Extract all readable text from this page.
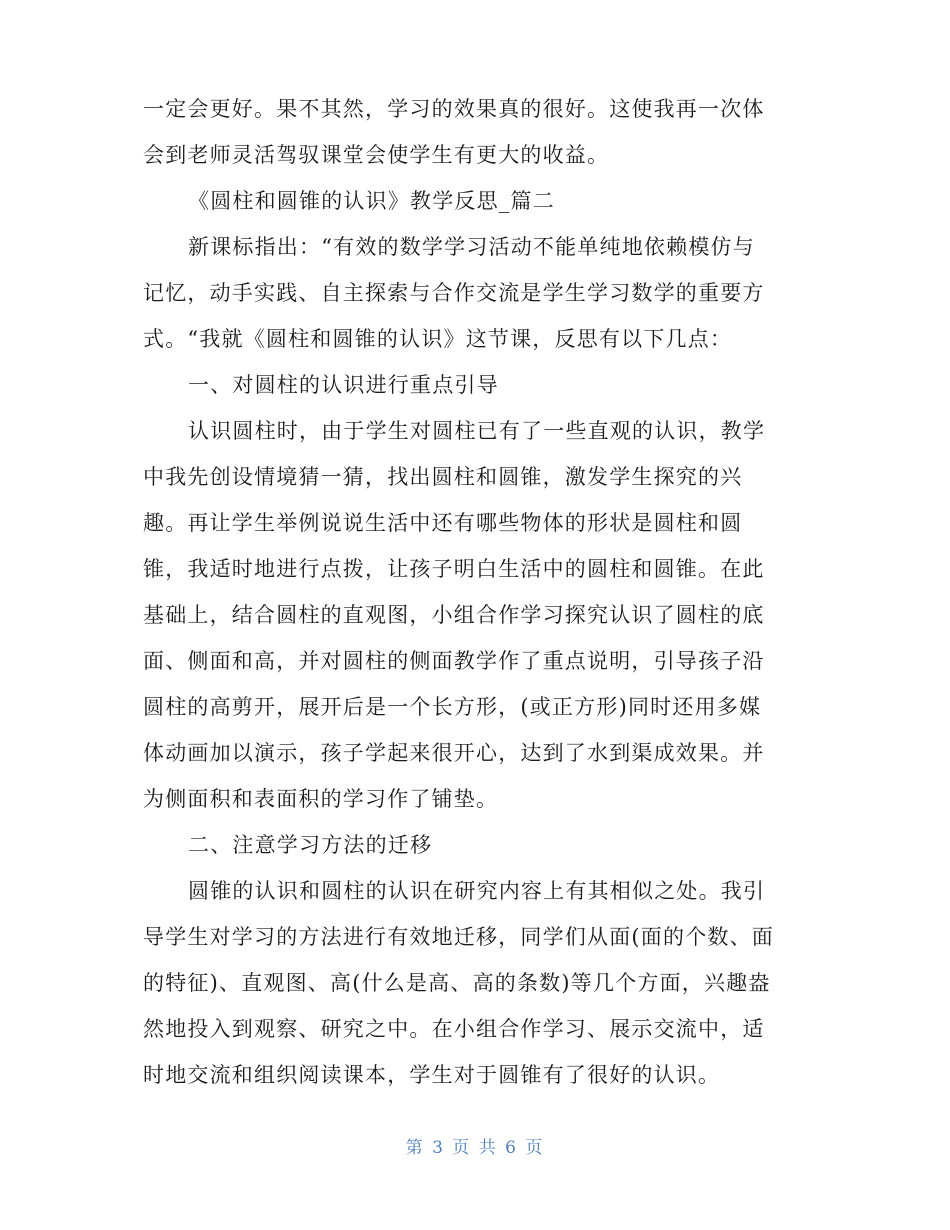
一定会更好。果不其然，学习的效果真的很好。这使我再一次体
会到老师灵活驾驭课堂会使学生有更大的收益。
《圆柱和圆锥的认识》教学反思_篇二
新课标指出：“有效的数学学习活动不能单纯地依赖模仿与
记忆，动手实践、自主探索与合作交流是学生学习数学的重要方
式。“我就《圆柱和圆锥的认识》这节课，反思有以下几点：
一、对圆柱的认识进行重点引导
认识圆柱时，由于学生对圆柱已有了一些直观的认识，教学
中我先创设情境猜一猜，找出圆柱和圆锥，激发学生探究的兴
趣。再让学生举例说说生活中还有哪些物体的形状是圆柱和圆
锥，我适时地进行点拨，让孩子明白生活中的圆柱和圆锥。在此
基础上，结合圆柱的直观图，小组合作学习探究认识了圆柱的底
面、侧面和高，并对圆柱的侧面教学作了重点说明，引导孩子沿
圆柱的高剪开，展开后是一个长方形，(或正方形)同时还用多媒
体动画加以演示，孩子学起来很开心，达到了水到渠成效果。并
为侧面积和表面积的学习作了铺垫。
二、注意学习方法的迁移
圆锥的认识和圆柱的认识在研究内容上有其相似之处。我引
导学生对学习的方法进行有效地迁移，同学们从面(面的个数、面
的特征)、直观图、高(什么是高、高的条数)等几个方面，兴趣盎
然地投入到观察、研究之中。在小组合作学习、展示交流中，适
时地交流和组织阅读课本，学生对于圆锥有了很好的认识。
第 3 页 共 6 页
